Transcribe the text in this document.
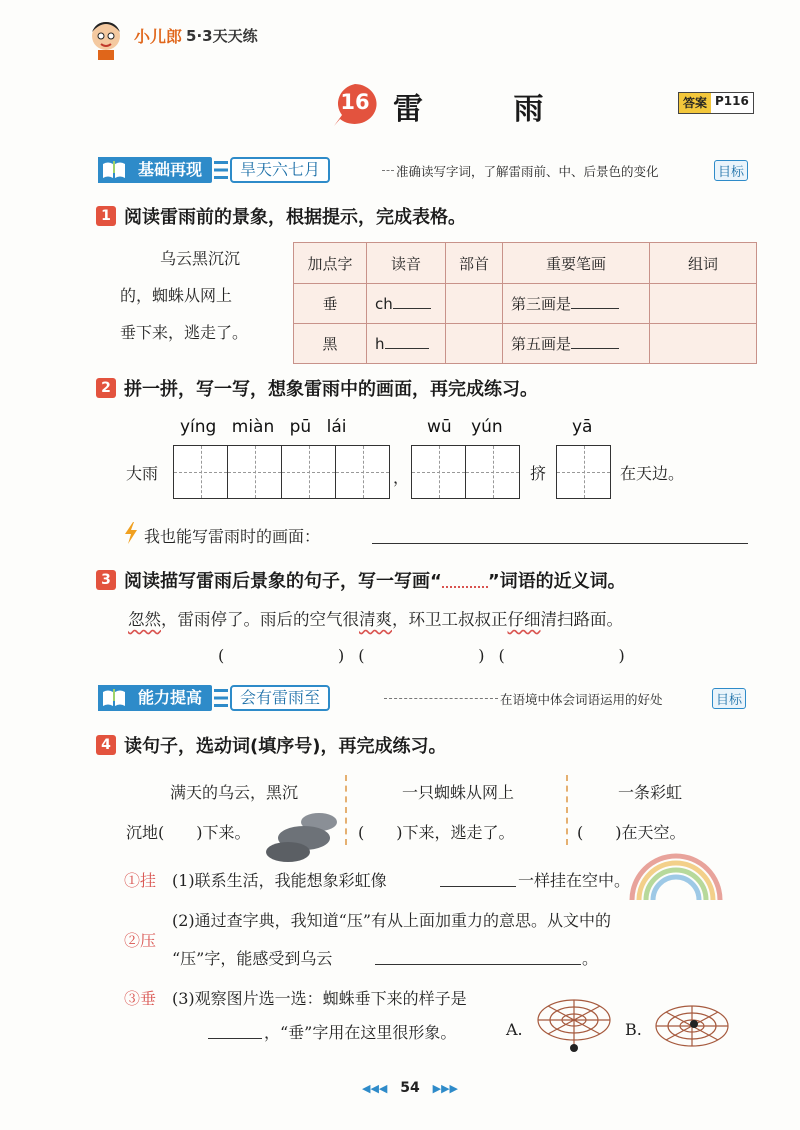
小儿郎 5·3天天练
16 雷 雨	答案 P116
基础再现	旱天六七月	准确读写字词，了解雷雨前、中、后景色的变化	目标
1 阅读雷雨前的景象，根据提示，完成表格。
乌云黑沉沉
的，蜘蛛从网上
垂下来，逃走了。
加点字	读音	部首	重要笔画	组词
垂	ch		第三画是	
黑	h		第五画是	
2 拼一拼，写一写，想象雷雨中的画面，再完成练习。
yíng miàn pū lái	wū yún	yā
大雨	，	挤	在天边。
我也能写雷雨时的画面：
3 阅读描写雷雨后景象的句子，写一写画“	”词语的近义词。
忽然，雷雨停了。雨后的空气很清爽，环卫工叔叔正仔细清扫路面。
(	) (	) (	)
能力提高	会有雷雨至	在语境中体会词语运用的好处	目标
4 读句子，选动词(填序号)，再完成练习。
满天的乌云，黑沉
沉地(　　)下来。
一只蜘蛛从网上
(　　)下来，逃走了。
一条彩虹
(　　)在天空。
①挂 (1)联系生活，我能想象彩虹像	一样挂在空中。
(2)通过查字典，我知道“压”有从上面加重力的意思。从文中的
②压
“压”字，能感受到乌云	。
③垂 (3)观察图片选一选：蜘蛛垂下来的样子是
，“垂”字用在这里很形象。	A.	B.
◀◀◀ 54 ▶▶▶
